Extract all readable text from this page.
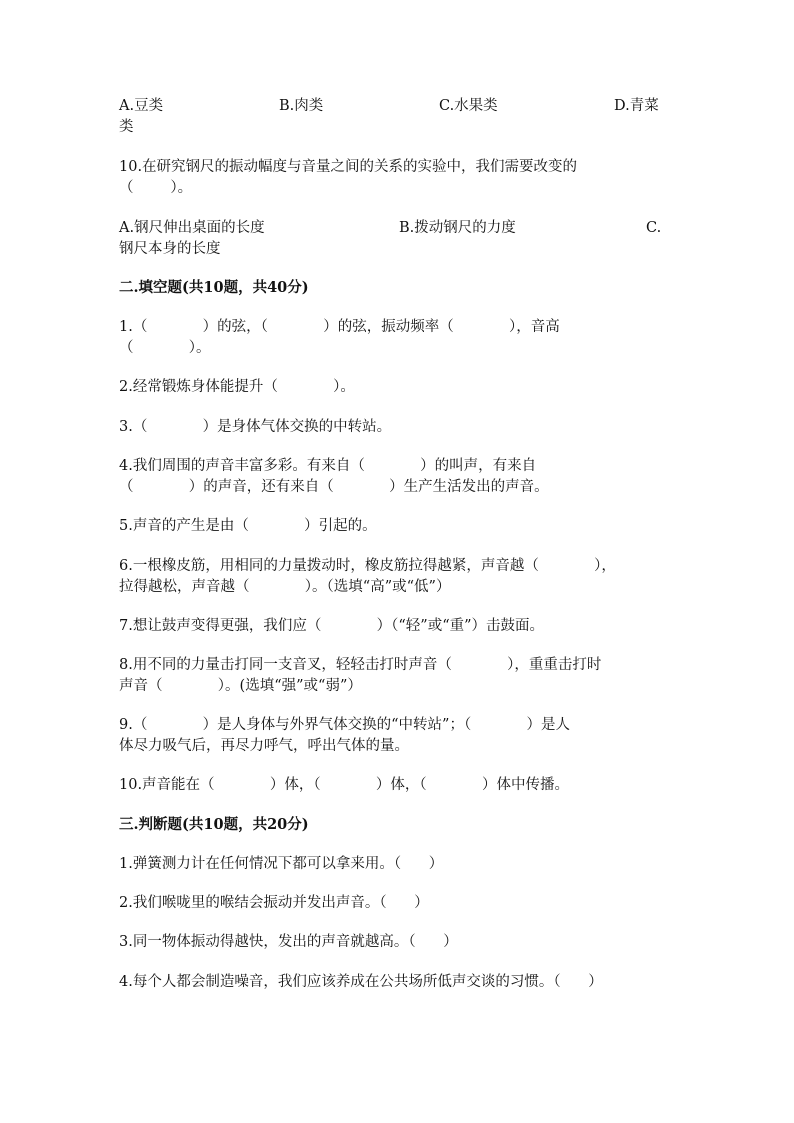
A.豆类	B.肉类	C.水果类	D.青菜
类

10.在研究钢尺的振动幅度与音量之间的关系的实验中，我们需要改变的

（        ）。

A.钢尺伸出桌面的长度	B.拨动钢尺的力度	C.
钢尺本身的长度

二.填空题(共10题，共40分)

1.（            ）的弦，（            ）的弦，振动频率（            ），音高

（            ）。

2.经常锻炼身体能提升（            ）。

3.（            ）是身体气体交换的中转站。

4.我们周围的声音丰富多彩。有来自（            ）的叫声，有来自

（            ）的声音，还有来自（            ）生产生活发出的声音。

5.声音的产生是由（            ）引起的。

6.一根橡皮筋，用相同的力量拨动时，橡皮筋拉得越紧，声音越（            ），

拉得越松，声音越（            ）。（选填“高”或“低”）

7.想让鼓声变得更强，我们应（            ）（“轻”或“重”）击鼓面。

8.用不同的力量击打同一支音叉，轻轻击打时声音（            ），重重击打时

声音（            ）。(选填“强”或“弱”）

9.（            ）是人身体与外界气体交换的“中转站”；（            ）是人

体尽力吸气后，再尽力呼气，呼出气体的量。

10.声音能在（            ）体，（            ）体，（            ）体中传播。

三.判断题(共10题，共20分)

1.弹簧测力计在任何情况下都可以拿来用。（      ）

2.我们喉咙里的喉结会振动并发出声音。（      ）

3.同一物体振动得越快，发出的声音就越高。（      ）

4.每个人都会制造噪音，我们应该养成在公共场所低声交谈的习惯。（      ）
